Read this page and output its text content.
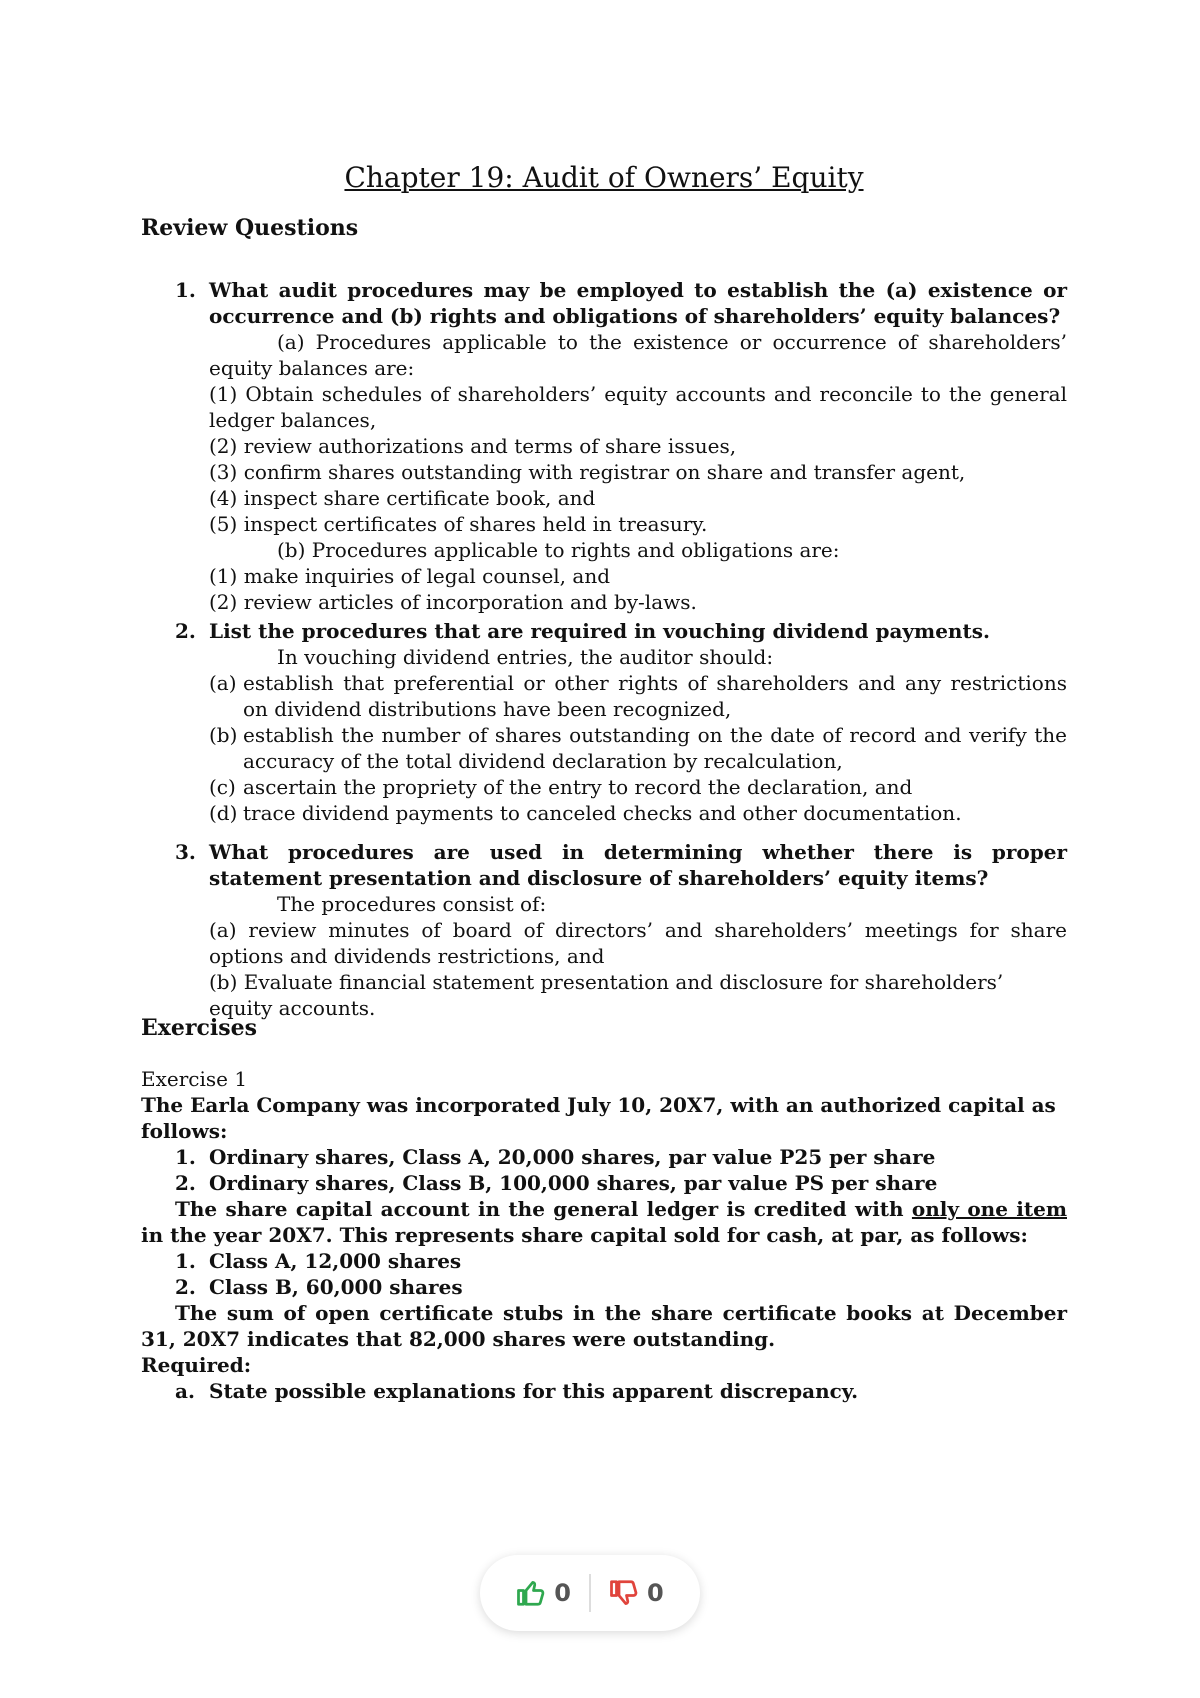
Chapter 19: Audit of Owners’ Equity
Review Questions
1. What audit procedures may be employed to establish the (a) existence or occurrence and (b) rights and obligations of shareholders’ equity balances?
(a) Procedures applicable to the existence or occurrence of shareholders’ equity balances are:
(1) Obtain schedules of shareholders’ equity accounts and reconcile to the general ledger balances,
(2) review authorizations and terms of share issues,
(3) confirm shares outstanding with registrar on share and transfer agent,
(4) inspect share certificate book, and
(5) inspect certificates of shares held in treasury.
(b) Procedures applicable to rights and obligations are:
(1) make inquiries of legal counsel, and
(2) review articles of incorporation and by-laws.
2. List the procedures that are required in vouching dividend payments.
In vouching dividend entries, the auditor should:
(a) establish that preferential or other rights of shareholders and any restrictions on dividend distributions have been recognized,
(b) establish the number of shares outstanding on the date of record and verify the accuracy of the total dividend declaration by recalculation,
(c) ascertain the propriety of the entry to record the declaration, and
(d) trace dividend payments to canceled checks and other documentation.
3. What procedures are used in determining whether there is proper statement presentation and disclosure of shareholders’ equity items?
The procedures consist of:
(a) review minutes of board of directors’ and shareholders’ meetings for share options and dividends restrictions, and
(b) Evaluate financial statement presentation and disclosure for shareholders’ equity accounts.
Exercises
Exercise 1
The Earla Company was incorporated July 10, 20X7, with an authorized capital as follows:
1. Ordinary shares, Class A, 20,000 shares, par value P25 per share
2. Ordinary shares, Class B, 100,000 shares, par value PS per share
The share capital account in the general ledger is credited with only one item in the year 20X7. This represents share capital sold for cash, at par, as follows:
1. Class A, 12,000 shares
2. Class B, 60,000 shares
The sum of open certificate stubs in the share certificate books at December 31, 20X7 indicates that 82,000 shares were outstanding.
Required:
a. State possible explanations for this apparent discrepancy.
0	0
